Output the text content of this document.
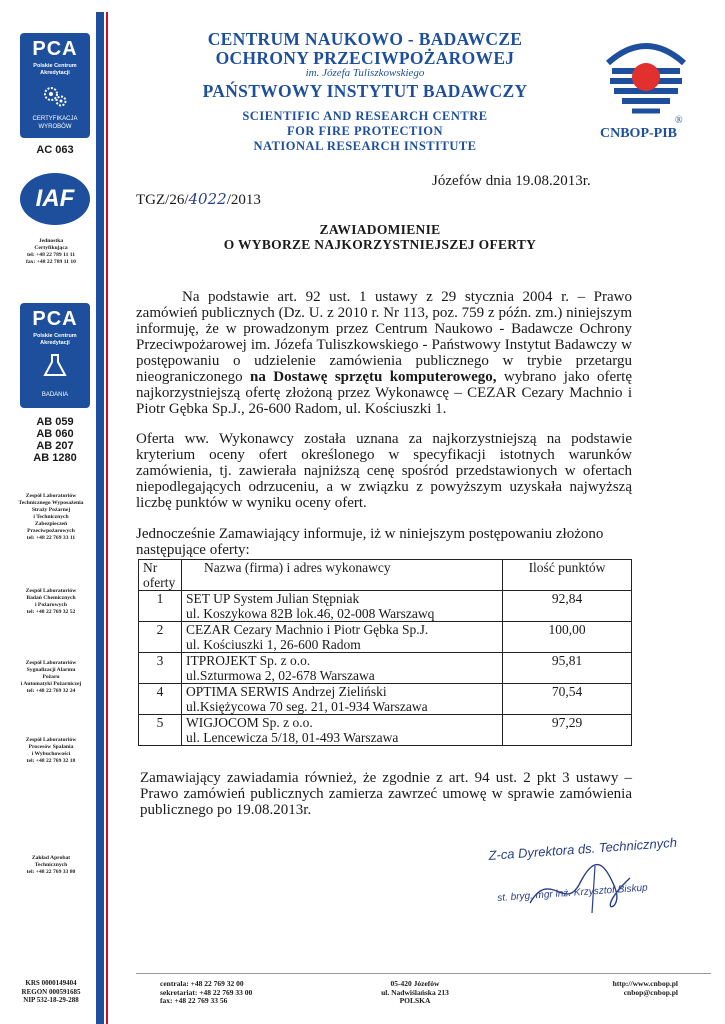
PCA
Polskie Centrum
Akredytacji
CERTYFIKACJA
WYROBÓW
AC 063
IAF
Jednostka
Certyfikująca
tel: +48 22 789 11 11
fax: +48 22 789 11 10
PCA
Polskie Centrum
Akredytacji
BADANIA
AB 059
AB 060
AB 207
AB 1280
Zespół Laboratoriów
Technicznego Wyposażenia
Straży Pożarnej
i Technicznych
Zabezpieczeń
Przeciwpożarowych
tel: +48 22 769 33 11
Zespół Laboratoriów
Badań Chemicznych
i Pożarowych
tel: +48 22 769 32 52
Zespół Laboratoriów
Sygnalizacji Alarmu
Pożaru
i Automatyki Pożarniczej
tel: +48 22 769 32 24
Zespół Laboratoriów
Procesów Spalania
i Wybuchowości
tel: +48 22 769 32 18
Zakład Aprobat
Technicznych
tel: +48 22 769 33 80
KRS 0000149404
REGON 000591685
NIP 532-18-29-288
CENTRUM NAUKOWO - BADAWCZE
OCHRONY PRZECIWPOŻAROWEJ
im. Józefa Tuliszkowskiego
PAŃSTWOWY INSTYTUT BADAWCZY
SCIENTIFIC AND RESEARCH CENTRE
FOR FIRE PROTECTION
NATIONAL RESEARCH INSTITUTE
®
CNBOP-PIB
Józefów dnia 19.08.2013r.
TGZ/26/4022/2013
ZAWIADOMIENIE
O WYBORZE NAJKORZYSTNIEJSZEJ OFERTY

Na podstawie art. 92 ust. 1 ustawy z 29 stycznia 2004 r. – Prawo zamówień publicznych (Dz. U. z 2010 r. Nr 113, poz. 759 z późn. zm.) niniejszym informuję, że w prowadzonym przez Centrum Naukowo - Badawcze Ochrony Przeciwpożarowej im. Józefa Tuliszkowskiego - Państwowy Instytut Badawczy w postępowaniu o udzielenie zamówienia publicznego w trybie przetargu nieograniczonego na Dostawę sprzętu komputerowego, wybrano jako ofertę najkorzystniejszą ofertę złożoną przez Wykonawcę – CEZAR Cezary Machnio i Piotr Gębka Sp.J., 26-600 Radom, ul. Kościuszki 1.

Oferta ww. Wykonawcy została uznana za najkorzystniejszą na podstawie kryterium oceny ofert określonego w specyfikacji istotnych warunków zamówienia, tj. zawierała najniższą cenę spośród przedstawionych w ofertach niepodlegających odrzuceniu, a w związku z powyższym uzyskała najwyższą liczbę punktów w wyniku oceny ofert.

Jednocześnie Zamawiający informuje, iż w niniejszym postępowaniu złożono następujące oferty:

Nr
oferty	Nazwa (firma) i adres wykonawcy	Ilość punktów
1	SET UP System Julian Stępniak
ul. Koszykowa 82B lok.46, 02-008 Warszawq	92,84
2	CEZAR Cezary Machnio i Piotr Gębka Sp.J.
ul. Kościuszki 1, 26-600 Radom	100,00
3	ITPROJEKT Sp. z o.o.
ul.Szturmowa 2, 02-678 Warszawa	95,81
4	OPTIMA SERWIS Andrzej Zieliński
ul.Księżycowa 70 seg. 21, 01-934 Warszawa	70,54
5	WIGJOCOM Sp. z o.o.
ul. Lencewicza 5/18, 01-493 Warszawa	97,29

Zamawiający zawiadamia również, że zgodnie z art. 94 ust. 2 pkt 3 ustawy – Prawo zamówień publicznych zamierza zawrzeć umowę w sprawie zamówienia publicznego po 19.08.2013r.

Z-ca Dyrektora ds. Technicznych
st. bryg. mgr inż. Krzysztof Biskup
centrala: +48 22 769 32 00
sekretariat: +48 22 769 33 00
fax: +48 22 769 33 56
05-420 Józefów
ul. Nadwiślańska 213
POLSKA
http://www.cnbop.pl
cnbop@cnbop.pl
